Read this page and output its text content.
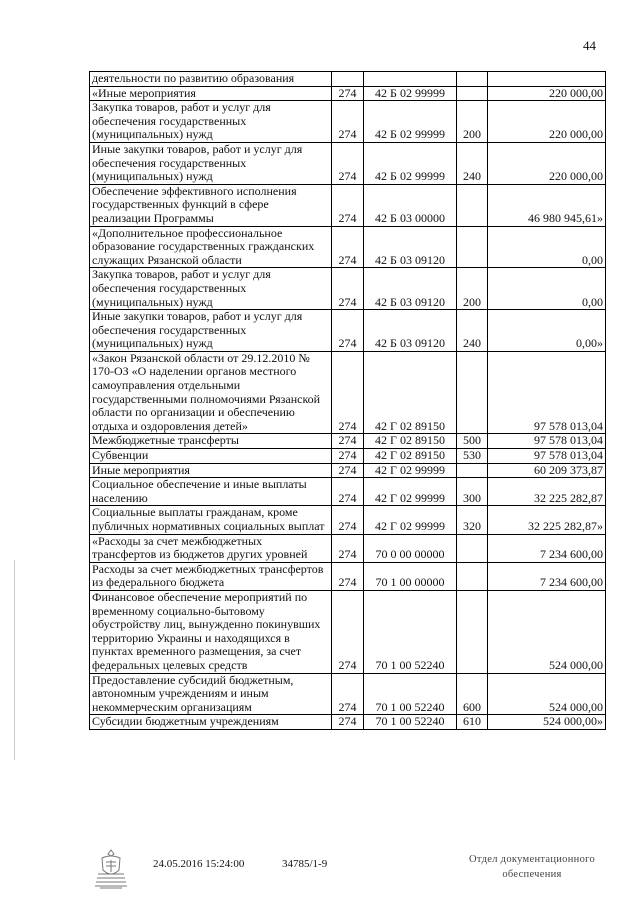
44
деятельности по развитию образования				
«Иные мероприятия	274	42 Б 02 99999		220 000,00
Закупка товаров, работ и услуг для обеспечения государственных (муниципальных) нужд	274	42 Б 02 99999	200	220 000,00
Иные закупки товаров, работ и услуг для обеспечения государственных (муниципальных) нужд	274	42 Б 02 99999	240	220 000,00
Обеспечение эффективного исполнения государственных функций в сфере реализации Программы	274	42 Б 03 00000		46 980 945,61»
«Дополнительное профессиональное образование государственных гражданских служащих Рязанской области	274	42 Б 03 09120		0,00
Закупка товаров, работ и услуг для обеспечения государственных (муниципальных) нужд	274	42 Б 03 09120	200	0,00
Иные закупки товаров, работ и услуг для обеспечения государственных (муниципальных) нужд	274	42 Б 03 09120	240	0,00»
«Закон Рязанской области от 29.12.2010 № 170-ОЗ «О наделении органов местного самоуправления отдельными государственными полномочиями Рязанской области по организации и обеспечению отдыха и оздоровления детей»	274	42 Г 02 89150		97 578 013,04
Межбюджетные трансферты	274	42 Г 02 89150	500	97 578 013,04
Субвенции	274	42 Г 02 89150	530	97 578 013,04
Иные мероприятия	274	42 Г 02 99999		60 209 373,87
Социальное обеспечение и иные выплаты населению	274	42 Г 02 99999	300	32 225 282,87
Социальные выплаты гражданам, кроме публичных нормативных социальных выплат	274	42 Г 02 99999	320	32 225 282,87»
«Расходы за счет межбюджетных трансфертов из бюджетов других уровней	274	70 0 00 00000		7 234 600,00
Расходы за счет межбюджетных трансфертов из федерального бюджета	274	70 1 00 00000		7 234 600,00
Финансовое обеспечение мероприятий по временному социально-бытовому обустройству лиц, вынужденно покинувших территорию Украины и находящихся в пунктах временного размещения, за счет федеральных целевых средств	274	70 1 00 52240		524 000,00
Предоставление субсидий бюджетным, автономным учреждениям и иным некоммерческим организациям	274	70 1 00 52240	600	524 000,00
Субсидии бюджетным учреждениям	274	70 1 00 52240	610	524 000,00»
24.05.2016 15:24:00	34785/1-9	Отдел документационного
обеспечения
